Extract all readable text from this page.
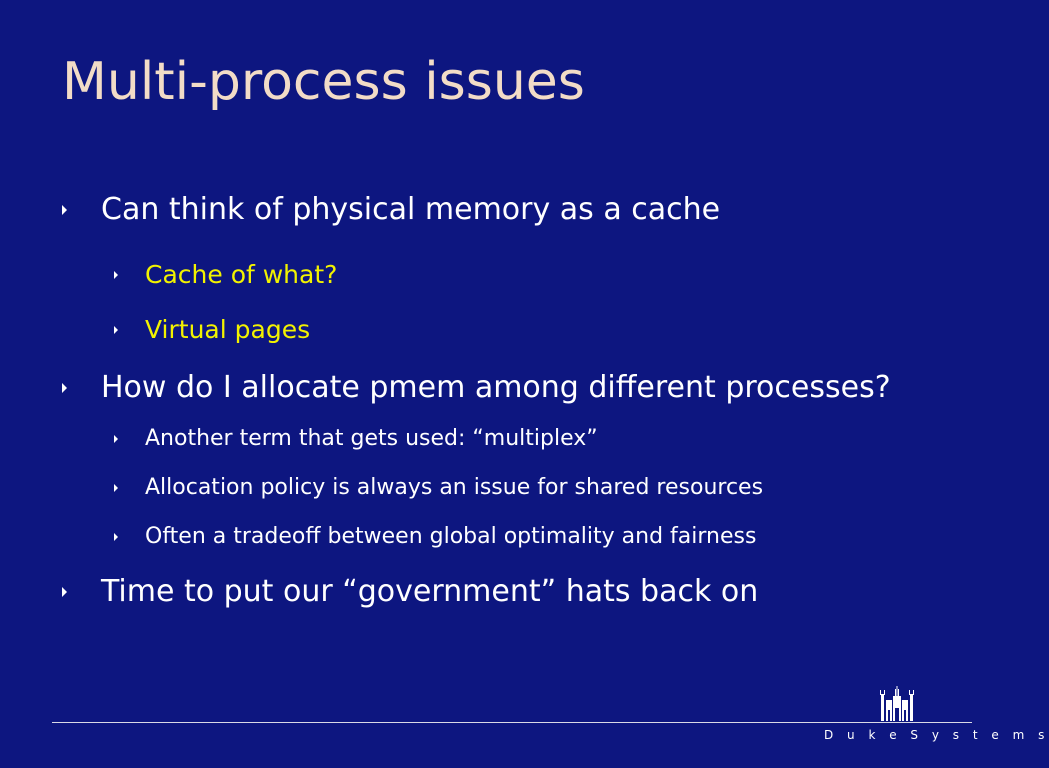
Multi-process issues
Can think of physical memory as a cache
Cache of what?
Virtual pages
How do I allocate pmem among different processes?
Another term that gets used: “multiplex”
Allocation policy is always an issue for shared resources
Often a tradeoff between global optimality and fairness
Time to put our “government” hats back on
D u k e S y s t e m s
